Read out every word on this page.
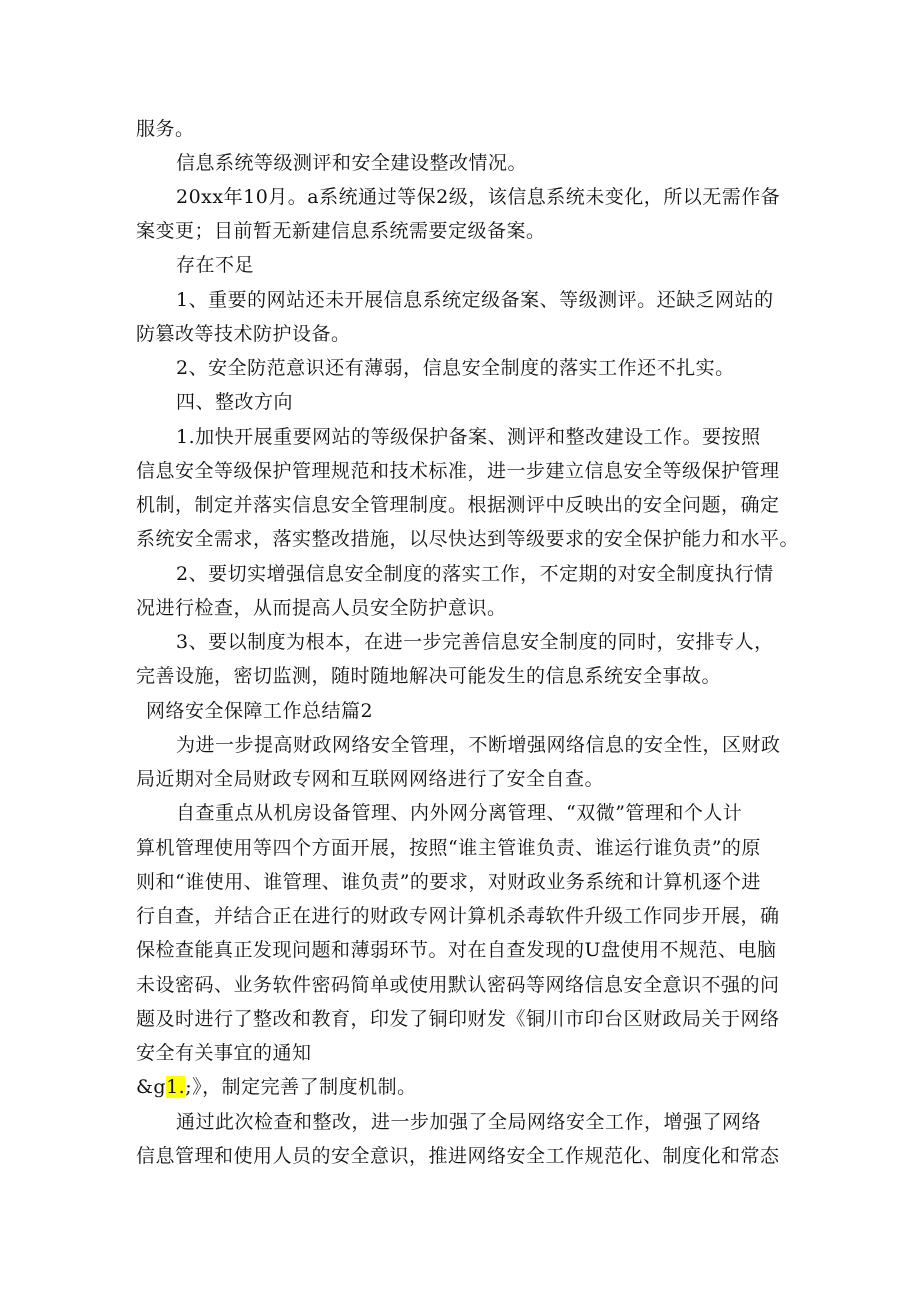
服务。
信息系统等级测评和安全建设整改情况。
20xx年10月。a系统通过等保2级，该信息系统未变化，所以无需作备
案变更；目前暂无新建信息系统需要定级备案。
存在不足
1、重要的网站还未开展信息系统定级备案、等级测评。还缺乏网站的
防篡改等技术防护设备。
2、安全防范意识还有薄弱，信息安全制度的落实工作还不扎实。
四、整改方向
1.加快开展重要网站的等级保护备案、测评和整改建设工作。要按照
信息安全等级保护管理规范和技术标准，进一步建立信息安全等级保护管理
机制，制定并落实信息安全管理制度。根据测评中反映出的安全问题，确定
系统安全需求，落实整改措施，以尽快达到等级要求的安全保护能力和水平。
2、要切实增强信息安全制度的落实工作，不定期的对安全制度执行情
况进行检查，从而提高人员安全防护意识。
3、要以制度为根本，在进一步完善信息安全制度的同时，安排专人，
完善设施，密切监测，随时随地解决可能发生的信息系统安全事故。
网络安全保障工作总结篇2
为进一步提高财政网络安全管理，不断增强网络信息的安全性，区财政
局近期对全局财政专网和互联网网络进行了安全自查。
自查重点从机房设备管理、内外网分离管理、“双微”管理和个人计
算机管理使用等四个方面开展，按照“谁主管谁负责、谁运行谁负责”的原
则和“谁使用、谁管理、谁负责”的要求，对财政业务系统和计算机逐个进
行自查，并结合正在进行的财政专网计算机杀毒软件升级工作同步开展，确
保检查能真正发现问题和薄弱环节。对在自查发现的U盘使用不规范、电脑
未设密码、业务软件密码简单或使用默认密码等网络信息安全意识不强的问
题及时进行了整改和教育，印发了铜印财发《铜川市印台区财政局关于网络
安全有关事宜的通知
&g1.;》，制定完善了制度机制。
通过此次检查和整改，进一步加强了全局网络安全工作，增强了网络
信息管理和使用人员的安全意识，推进网络安全工作规范化、制度化和常态
